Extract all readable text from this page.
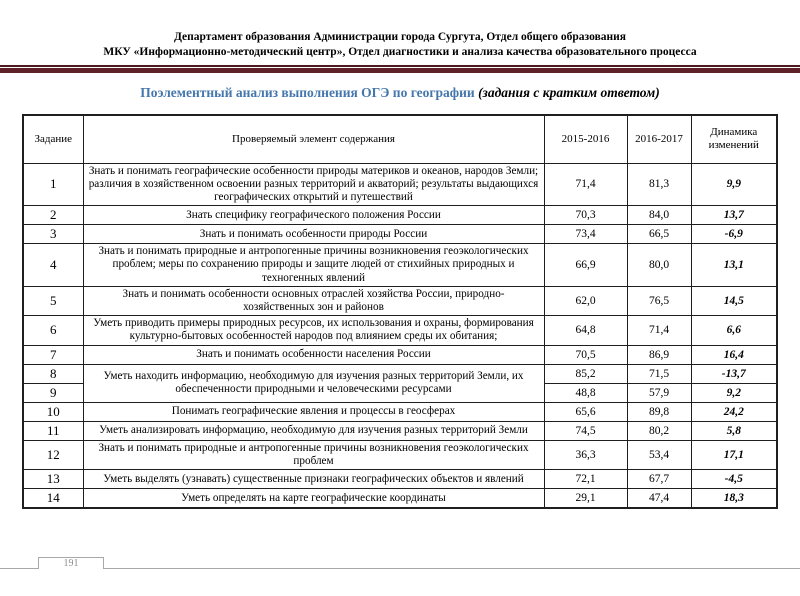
Департамент образования Администрации города Сургута, Отдел общего образования
МКУ «Информационно-методический центр», Отдел диагностики и анализа качества образовательного процесса
Поэлементный анализ выполнения ОГЭ по географии (задания с кратким ответом)
Задание	Проверяемый элемент содержания	2015-2016	2016-2017	Динамика изменений
1	Знать и понимать географические особенности природы материков и океанов, народов Земли; различия в хозяйственном освоении разных территорий и акваторий; результаты выдающихся географических открытий и путешествий	71,4	81,3	9,9
2	Знать специфику географического положения России	70,3	84,0	13,7
3	Знать и понимать особенности природы России	73,4	66,5	-6,9
4	Знать и понимать природные и антропогенные причины возникновения геоэкологических проблем; меры по сохранению природы и защите людей от стихийных природных и техногенных явлений	66,9	80,0	13,1
5	Знать и понимать особенности основных отраслей хозяйства России, природно-хозяйственных зон и районов	62,0	76,5	14,5
6	Уметь приводить примеры природных ресурсов, их использования и охраны, формирования культурно-бытовых особенностей народов под влиянием среды их обитания;	64,8	71,4	6,6
7	Знать и понимать особенности населения России	70,5	86,9	16,4
8	Уметь находить информацию, необходимую для изучения разных территорий Земли, их обеспеченности природными и человеческими ресурсами	85,2	71,5	-13,7
9		48,8	57,9	9,2
10	Понимать географические явления и процессы в геосферах	65,6	89,8	24,2
11	Уметь анализировать информацию, необходимую для изучения разных территорий Земли	74,5	80,2	5,8
12	Знать и понимать природные и антропогенные причины возникновения геоэкологических проблем	36,3	53,4	17,1
13	Уметь выделять (узнавать) существенные признаки географических объектов и явлений	72,1	67,7	-4,5
14	Уметь определять на карте географические координаты	29,1	47,4	18,3
191
